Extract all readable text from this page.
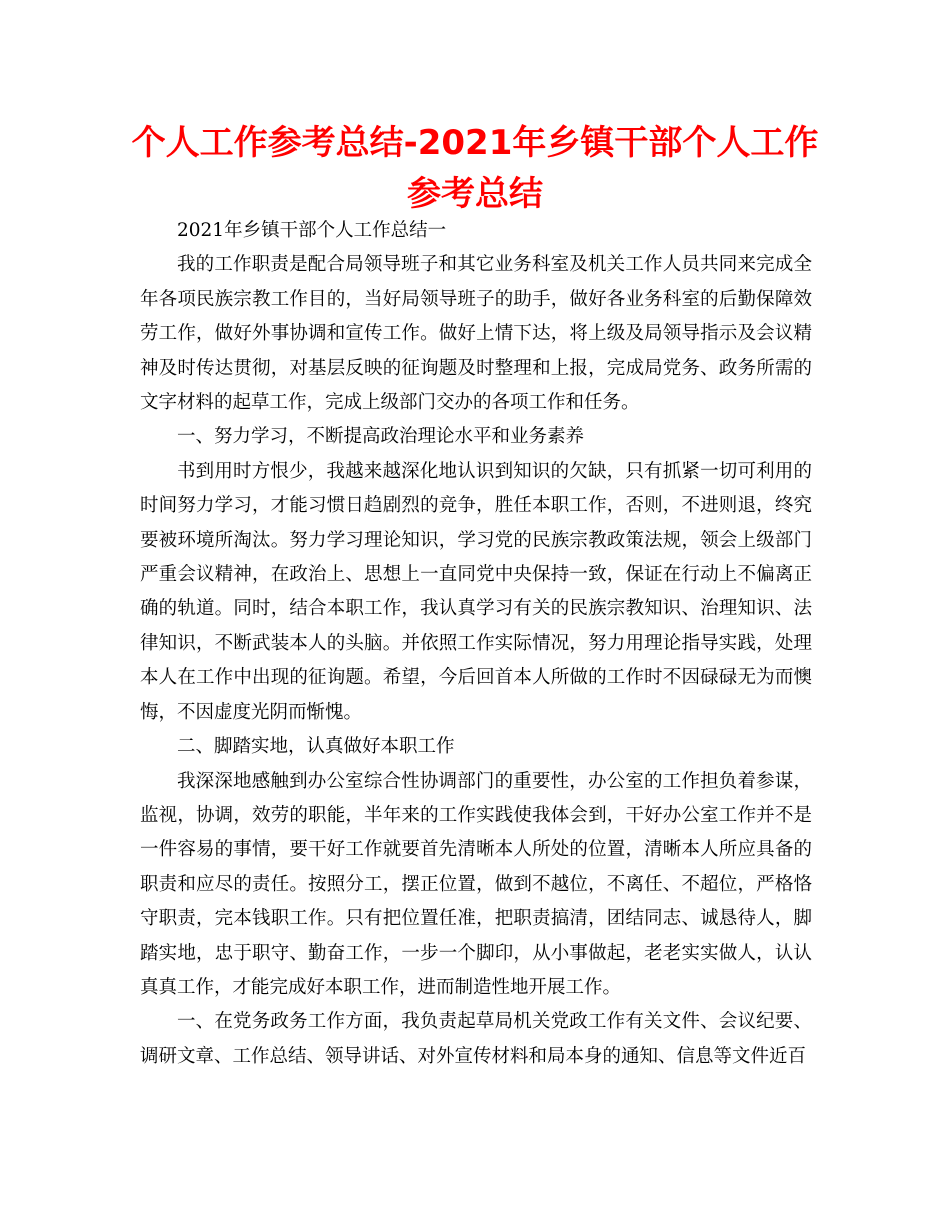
个人工作参考总结-2021年乡镇干部个人工作参考总结

2021年乡镇干部个人工作总结一

我的工作职责是配合局领导班子和其它业务科室及机关工作人员共同来完成全年各项民族宗教工作目的，当好局领导班子的助手，做好各业务科室的后勤保障效劳工作，做好外事协调和宣传工作。做好上情下达，将上级及局领导指示及会议精神及时传达贯彻，对基层反映的征询题及时整理和上报，完成局党务、政务所需的文字材料的起草工作，完成上级部门交办的各项工作和任务。

一、努力学习，不断提高政治理论水平和业务素养

书到用时方恨少，我越来越深化地认识到知识的欠缺，只有抓紧一切可利用的时间努力学习，才能习惯日趋剧烈的竞争，胜任本职工作，否则，不进则退，终究要被环境所淘汰。努力学习理论知识，学习党的民族宗教政策法规，领会上级部门严重会议精神，在政治上、思想上一直同党中央保持一致，保证在行动上不偏离正确的轨道。同时，结合本职工作，我认真学习有关的民族宗教知识、治理知识、法律知识，不断武装本人的头脑。并依照工作实际情况，努力用理论指导实践，处理本人在工作中出现的征询题。希望，今后回首本人所做的工作时不因碌碌无为而懊悔，不因虚度光阴而惭愧。

二、脚踏实地，认真做好本职工作

我深深地感触到办公室综合性协调部门的重要性，办公室的工作担负着参谋，监视，协调，效劳的职能，半年来的工作实践使我体会到，干好办公室工作并不是一件容易的事情，要干好工作就要首先清晰本人所处的位置，清晰本人所应具备的职责和应尽的责任。按照分工，摆正位置，做到不越位，不离任、不超位，严格恪守职责，完本钱职工作。只有把位置任准，把职责搞清，团结同志、诚恳待人，脚踏实地，忠于职守、勤奋工作，一步一个脚印，从小事做起，老老实实做人，认认真真工作，才能完成好本职工作，进而制造性地开展工作。

一、在党务政务工作方面，我负责起草局机关党政工作有关文件、会议纪要、调研文章、工作总结、领导讲话、对外宣传材料和局本身的通知、信息等文件近百
